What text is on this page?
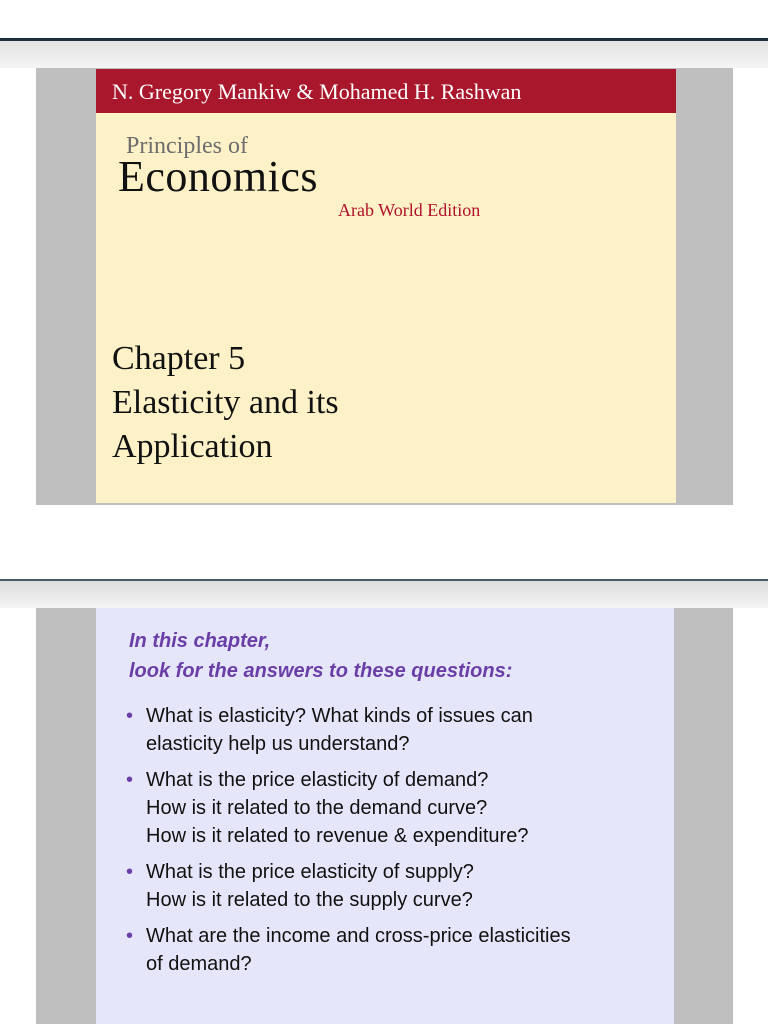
N. Gregory Mankiw & Mohamed H. Rashwan
Principles of
Economics
Arab World Edition
Chapter 5
Elasticity and its
Application
In this chapter,
look for the answers to these questions:
• What is elasticity? What kinds of issues can
elasticity help us understand?
• What is the price elasticity of demand?
How is it related to the demand curve?
How is it related to revenue & expenditure?
• What is the price elasticity of supply?
How is it related to the supply curve?
• What are the income and cross-price elasticities
of demand?
